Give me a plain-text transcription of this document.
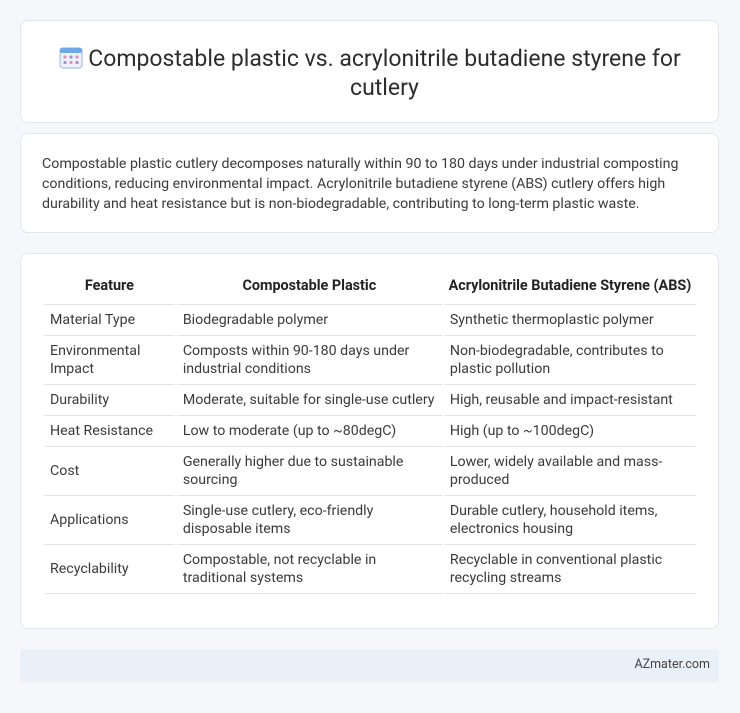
Compostable plastic vs. acrylonitrile butadiene styrene for cutlery

Compostable plastic cutlery decomposes naturally within 90 to 180 days under industrial composting conditions, reducing environmental impact. Acrylonitrile butadiene styrene (ABS) cutlery offers high durability and heat resistance but is non-biodegradable, contributing to long-term plastic waste.

Feature	Compostable Plastic	Acrylonitrile Butadiene Styrene (ABS)
Material Type	Biodegradable polymer	Synthetic thermoplastic polymer
Environmental Impact	Composts within 90-180 days under industrial conditions	Non-biodegradable, contributes to plastic pollution
Durability	Moderate, suitable for single-use cutlery	High, reusable and impact-resistant
Heat Resistance	Low to moderate (up to ~80degC)	High (up to ~100degC)
Cost	Generally higher due to sustainable sourcing	Lower, widely available and mass-produced
Applications	Single-use cutlery, eco-friendly disposable items	Durable cutlery, household items, electronics housing
Recyclability	Compostable, not recyclable in traditional systems	Recyclable in conventional plastic recycling streams
AZmater.com
